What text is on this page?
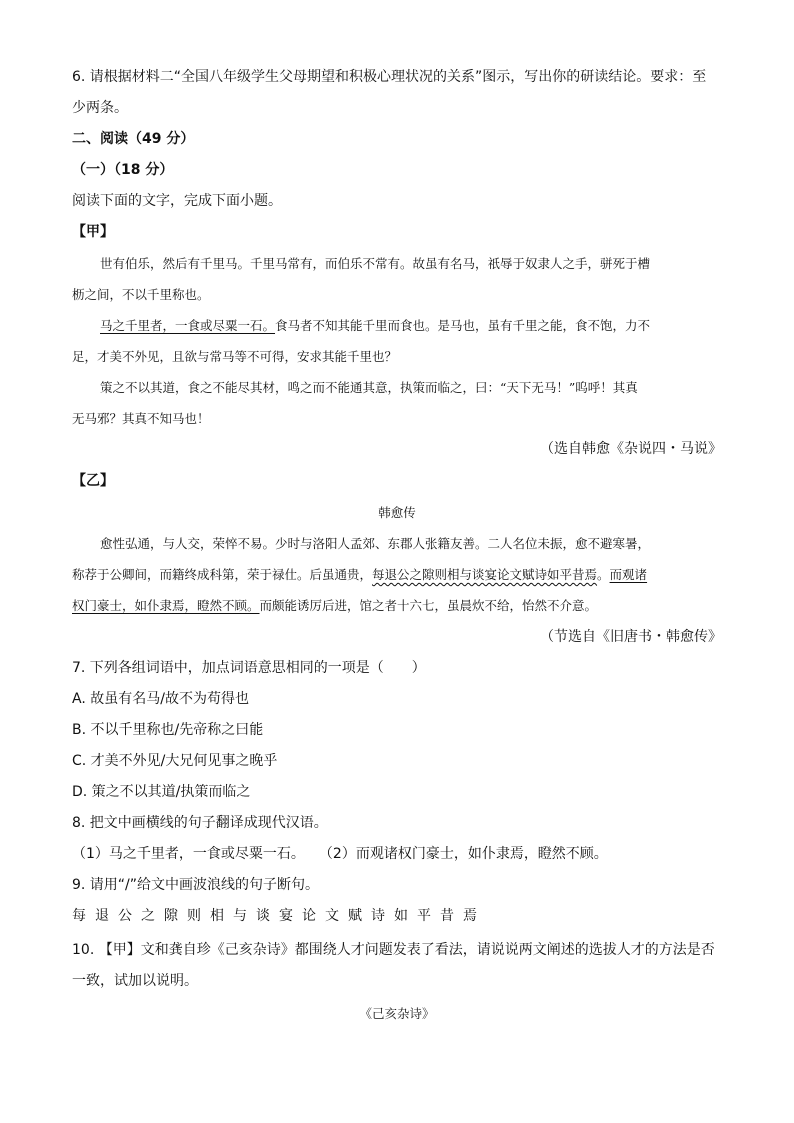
6. 请根据材料二“全国八年级学生父母期望和积极心理状况的关系”图示，写出你的研读结论。要求：至
少两条。
二、阅读（49 分）
（一）（18 分）
阅读下面的文字，完成下面小题。
【甲】
世有伯乐，然后有千里马。千里马常有，而伯乐不常有。故虽有名马，祇辱于奴隶人之手，骈死于槽
枥之间，不以千里称也。
马之千里者，一食或尽粟一石。食马者不知其能千里而食也。是马也，虽有千里之能，食不饱，力不
足，才美不外见，且欲与常马等不可得，安求其能千里也？
策之不以其道，食之不能尽其材，鸣之而不能通其意，执策而临之，曰：“天下无马！”呜呼！其真
无马邪？其真不知马也！
（选自韩愈《杂说四・马说》
【乙】
韩愈传
愈性弘通，与人交，荣悴不易。少时与洛阳人孟郊、东郡人张籍友善。二人名位未振，愈不避寒暑，
称荐于公卿间，而籍终成科第，荣于禄仕。后虽通贵，每退公之隙则相与谈宴论文赋诗如平昔焉。而观诸
权门豪士，如仆隶焉，瞪然不顾。而颇能诱厉后进，馆之者十六七，虽晨炊不给，怡然不介意。
（节选自《旧唐书・韩愈传》
7. 下列各组词语中，加点词语意思相同的一项是（　　）
A. 故虽有名马/故不为苟得也
B. 不以千里称也/先帝称之曰能
C. 才美不外见/大兄何见事之晚乎
D. 策之不以其道/执策而临之
8. 把文中画横线的句子翻译成现代汉语。
（1）马之千里者，一食或尽粟一石。　　（2）而观诸权门豪士，如仆隶焉，瞪然不顾。
9. 请用“/”给文中画波浪线的句子断句。
每退公之隙则相与谈宴论文赋诗如平昔焉
10. 【甲】文和龚自珍《己亥杂诗》都围绕人才问题发表了看法，请说说两文阐述的选拔人才的方法是否
一致，试加以说明。
《己亥杂诗》
